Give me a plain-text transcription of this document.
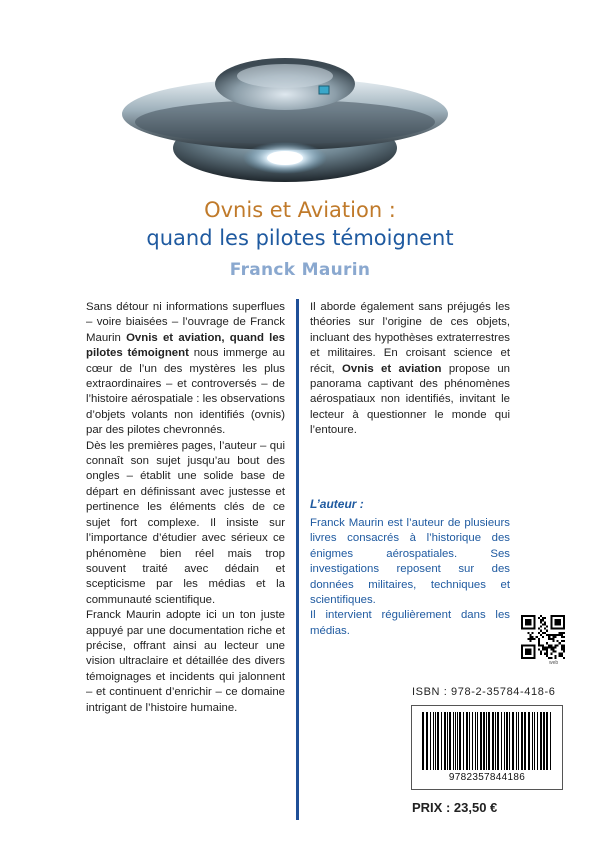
Ovnis et Aviation :
quand les pilotes témoignent
Franck Maurin

Sans détour ni informations superflues – voire biaisées – l’ouvrage de Franck Maurin Ovnis et aviation, quand les pilotes témoignent nous immerge au cœur de l’un des mystères les plus extraordinaires – et controversés – de l’histoire aérospatiale : les observations d’objets volants non identifiés (ovnis) par des pilotes chevronnés.

Dès les premières pages, l’auteur – qui connaît son sujet jusqu’au bout des ongles – établit une solide base de départ en définissant avec justesse et pertinence les éléments clés de ce sujet fort complexe. Il insiste sur l’importance d’étudier avec sérieux ce phénomène bien réel mais trop souvent traité avec dédain et scepticisme par les médias et la communauté scientifique.

Franck Maurin adopte ici un ton juste appuyé par une documentation riche et précise, offrant ainsi au lecteur une vision ultraclaire et détaillée des divers témoignages et incidents qui jalonnent – et continuent d’enrichir – ce domaine intrigant de l’histoire humaine.

Il aborde également sans préjugés les théories sur l’origine de ces objets, incluant des hypothèses extraterrestres et militaires. En croisant science et récit, Ovnis et aviation propose un panorama captivant des phénomènes aérospatiaux non identifiés, invitant le lecteur à questionner le monde qui l’entoure.

L’auteur :

Franck Maurin est l’auteur de plusieurs livres consacrés à l’historique des énigmes aérospatiales. Ses investigations reposent sur des données militaires, techniques et scientifiques.

Il intervient régulièrement dans les médias.

web
ISBN : 978-2-35784-418-6
9782357844186
PRIX : 23,50 €
